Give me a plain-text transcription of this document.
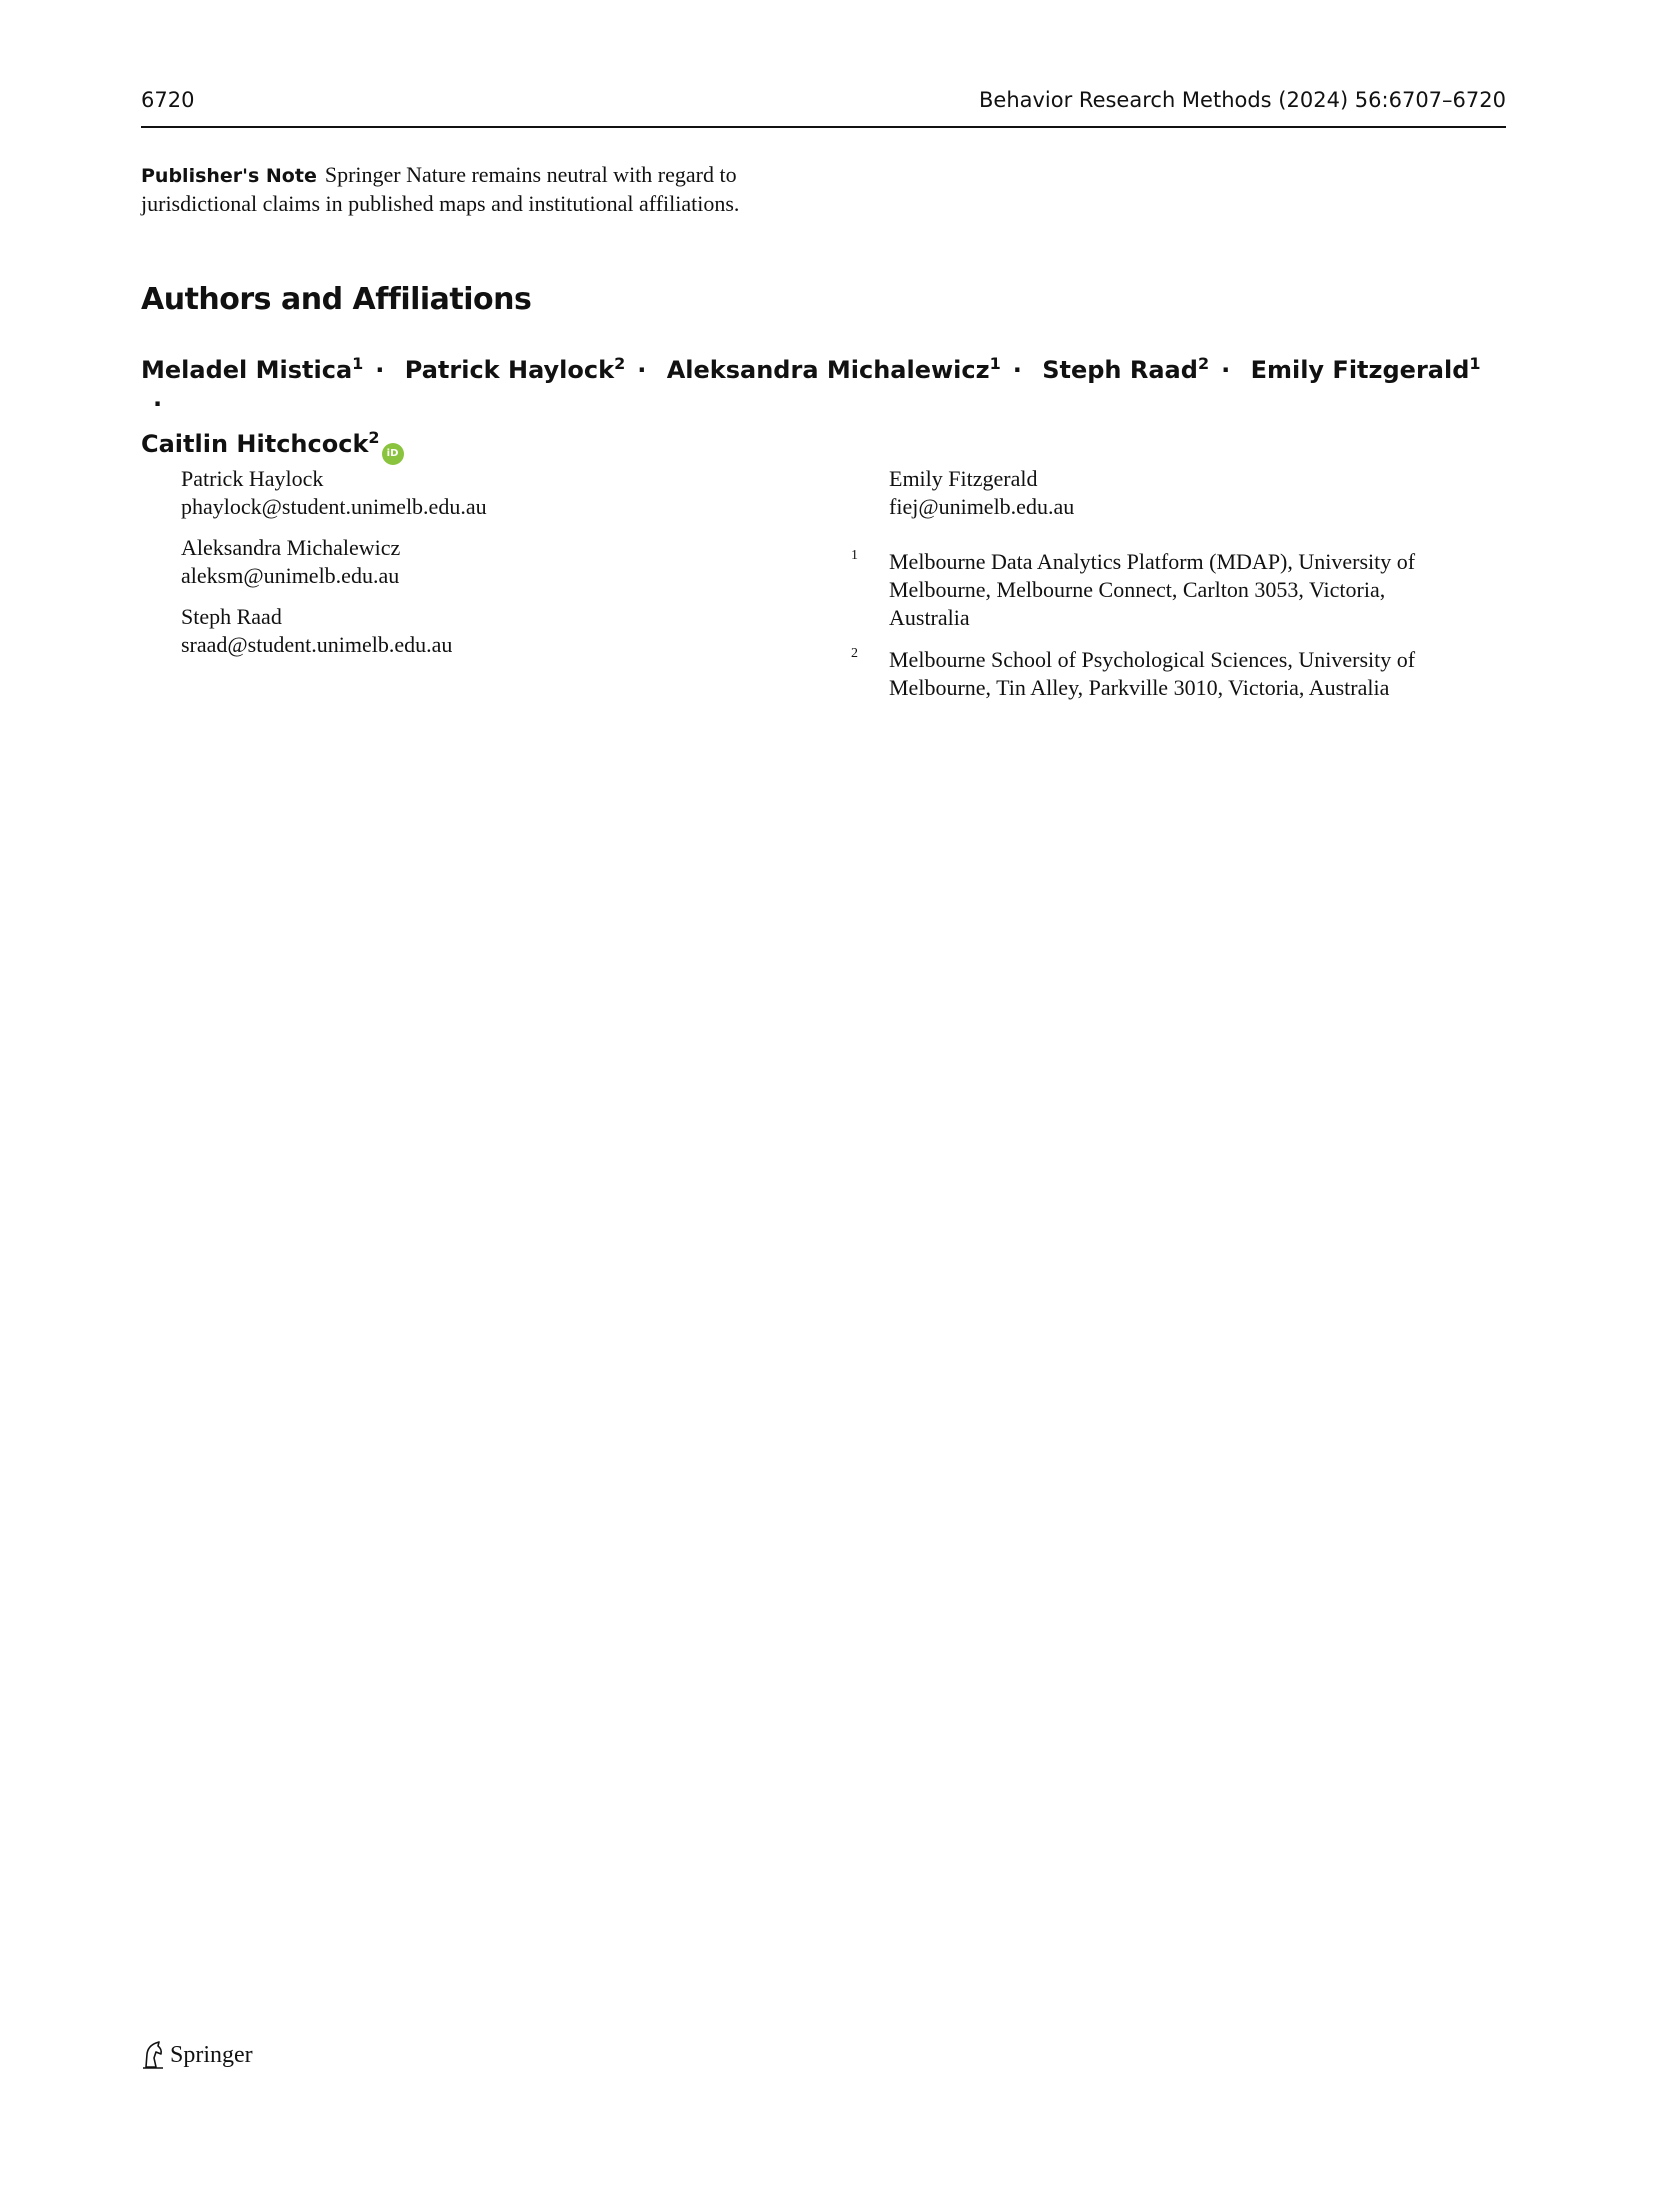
6720	Behavior Research Methods (2024) 56:6707–6720
Publisher's Note Springer Nature remains neutral with regard to jurisdictional claims in published maps and institutional affiliations.
Authors and Affiliations
Meladel Mistica$^1$ · Patrick Haylock$^2$ · Aleksandra Michalewicz$^1$ · Steph Raad$^2$ · Emily Fitzgerald$^1$·
Caitlin Hitchcock$^2$iD
Patrick Haylock
phaylock@student.unimelb.edu.au
Aleksandra Michalewicz
aleksm@unimelb.edu.au
Steph Raad
sraad@student.unimelb.edu.au
Emily Fitzgerald
fiej@unimelb.edu.au
1 Melbourne Data Analytics Platform (MDAP), University of Melbourne, Melbourne Connect, Carlton 3053, Victoria, Australia
2 Melbourne School of Psychological Sciences, University of Melbourne, Tin Alley, Parkville 3010, Victoria, Australia
Springer
